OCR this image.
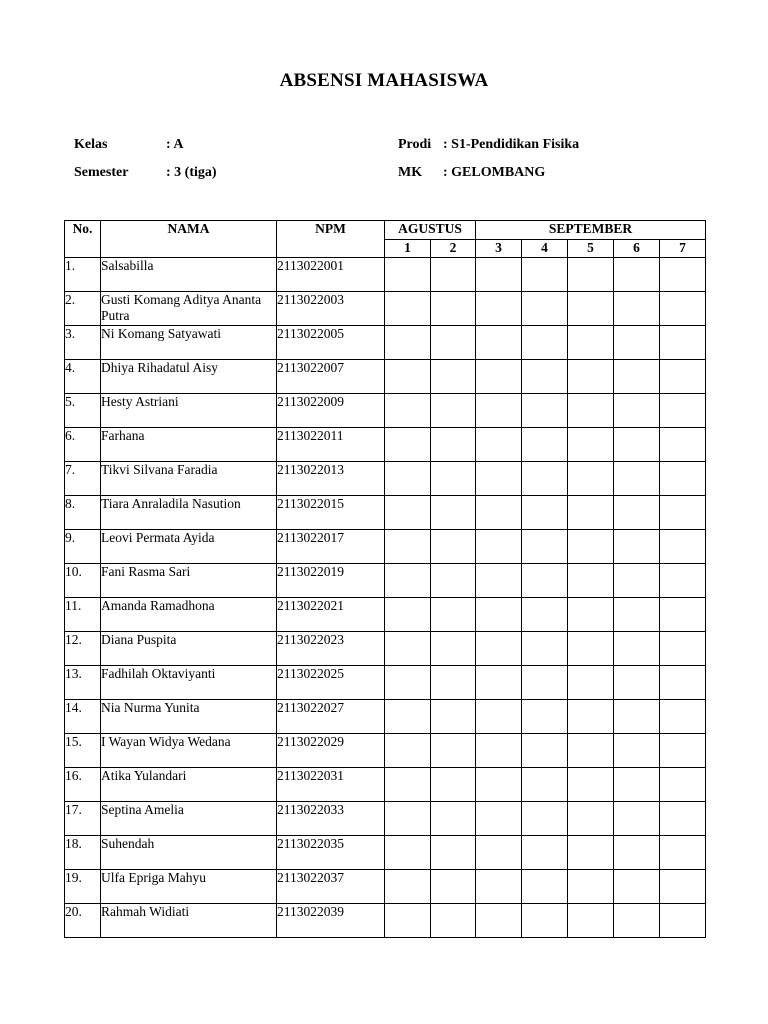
ABSENSI MAHASISWA
Kelas	: A
Semester	: 3 (tiga)
Prodi : S1-Pendidikan Fisika
MK : GELOMBANG
No.	NAMA	NPM	AGUSTUS		SEPTEMBER				
			1	2	3	4	5	6	7
1.	Salsabilla	2113022001							
2.	Gusti Komang Aditya Ananta Putra	2113022003							
3.	Ni Komang Satyawati	2113022005							
4.	Dhiya Rihadatul Aisy	2113022007							
5.	Hesty Astriani	2113022009							
6.	Farhana	2113022011							
7.	Tikvi Silvana Faradia	2113022013							
8.	Tiara Anraladila Nasution	2113022015							
9.	Leovi Permata Ayida	2113022017							
10.	Fani Rasma Sari	2113022019							
11.	Amanda Ramadhona	2113022021							
12.	Diana Puspita	2113022023							
13.	Fadhilah Oktaviyanti	2113022025							
14.	Nia Nurma Yunita	2113022027							
15.	I Wayan Widya Wedana	2113022029							
16.	Atika Yulandari	2113022031							
17.	Septina Amelia	2113022033							
18.	Suhendah	2113022035							
19.	Ulfa Epriga Mahyu	2113022037							
20.	Rahmah Widiati	2113022039							
